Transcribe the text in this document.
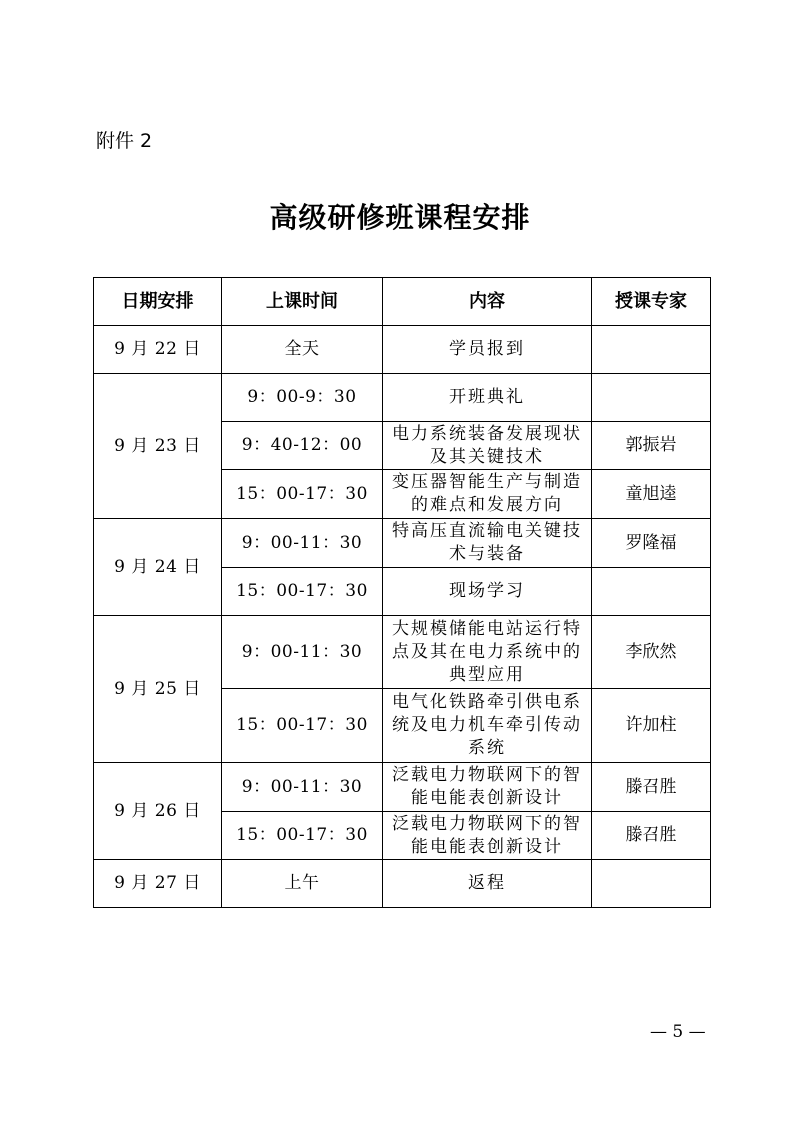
附件 2
高级研修班课程安排
日期安排	上课时间	内容	授课专家
9 月 22 日	全天	学员报到	
9 月 23 日	9：00-9：30	开班典礼	
	9：40-12：00	电力系统装备发展现状及其关键技术	郭振岩
	15：00-17：30	变压器智能生产与制造的难点和发展方向	童旭逵
9 月 24 日	9：00-11：30	特高压直流输电关键技术与装备	罗隆福
	15：00-17：30	现场学习	
9 月 25 日	9：00-11：30	大规模储能电站运行特点及其在电力系统中的典型应用	李欣然
	15：00-17：30	电气化铁路牵引供电系统及电力机车牵引传动系统	许加柱
9 月 26 日	9：00-11：30	泛载电力物联网下的智能电能表创新设计	滕召胜
	15：00-17：30	泛载电力物联网下的智能电能表创新设计	滕召胜
9 月 27 日	上午	返程	
— 5 —
